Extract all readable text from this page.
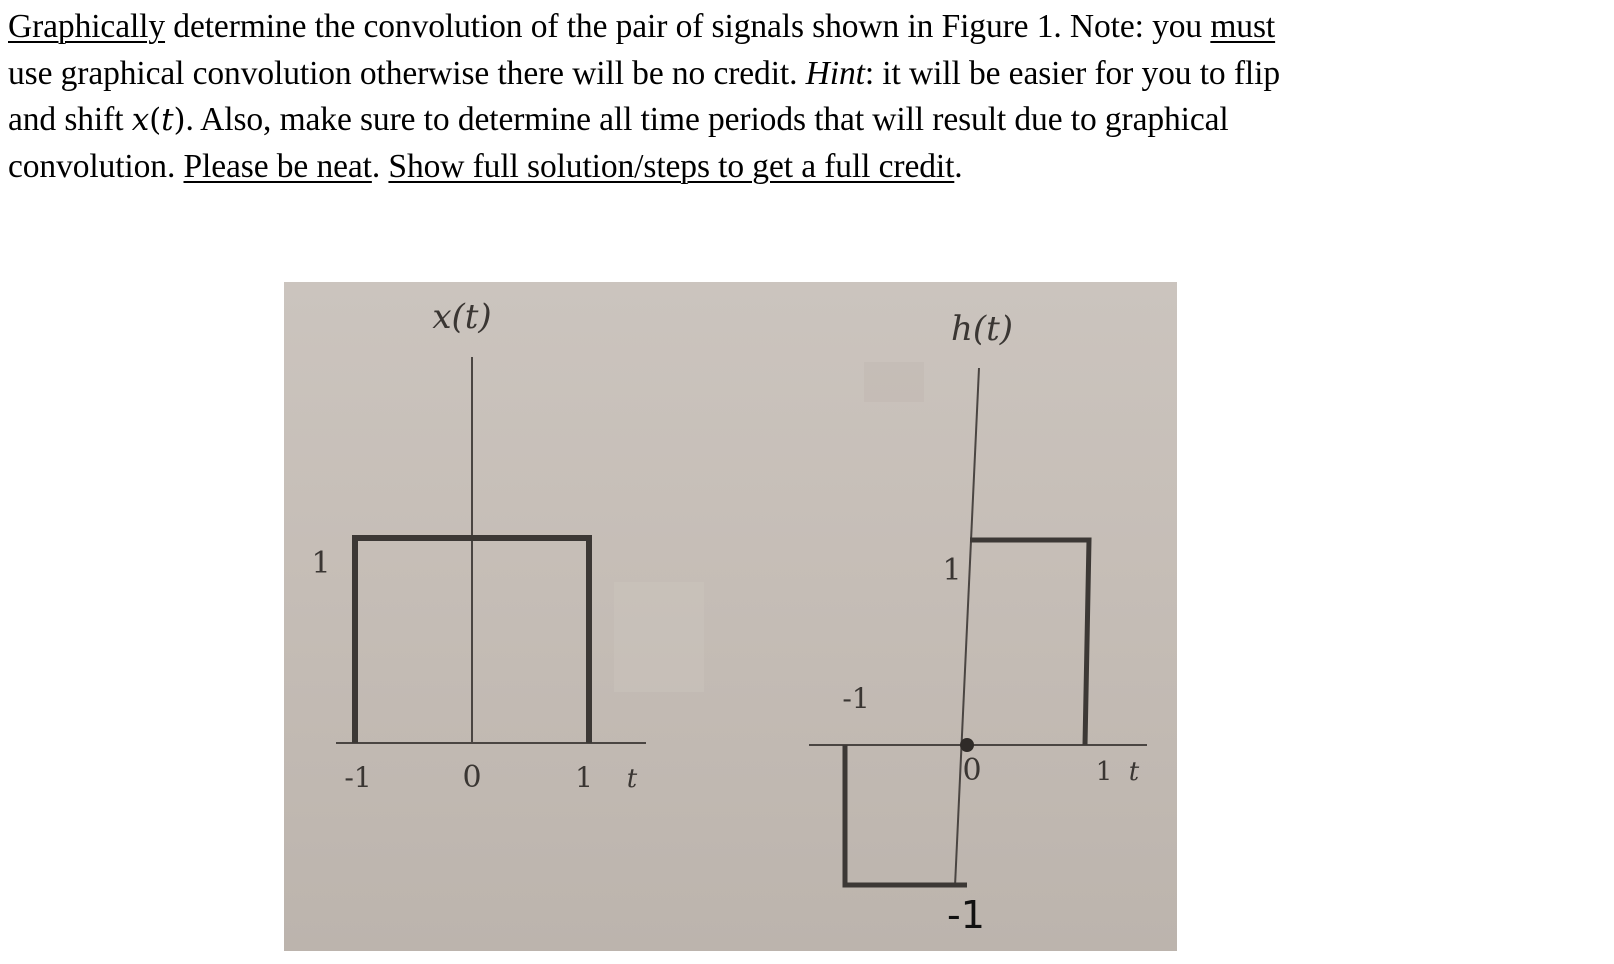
Graphically determine the convolution of the pair of signals shown in Figure 1. Note: you must
use graphical convolution otherwise there will be no credit. Hint: it will be easier for you to flip
and shift x(t). Also, make sure to determine all time periods that will result due to graphical
convolution. Please be neat. Show full solution/steps to get a full credit.
x(t)
1
-1	0	1 t
h(t)
1
-1
0	1 t
-1
